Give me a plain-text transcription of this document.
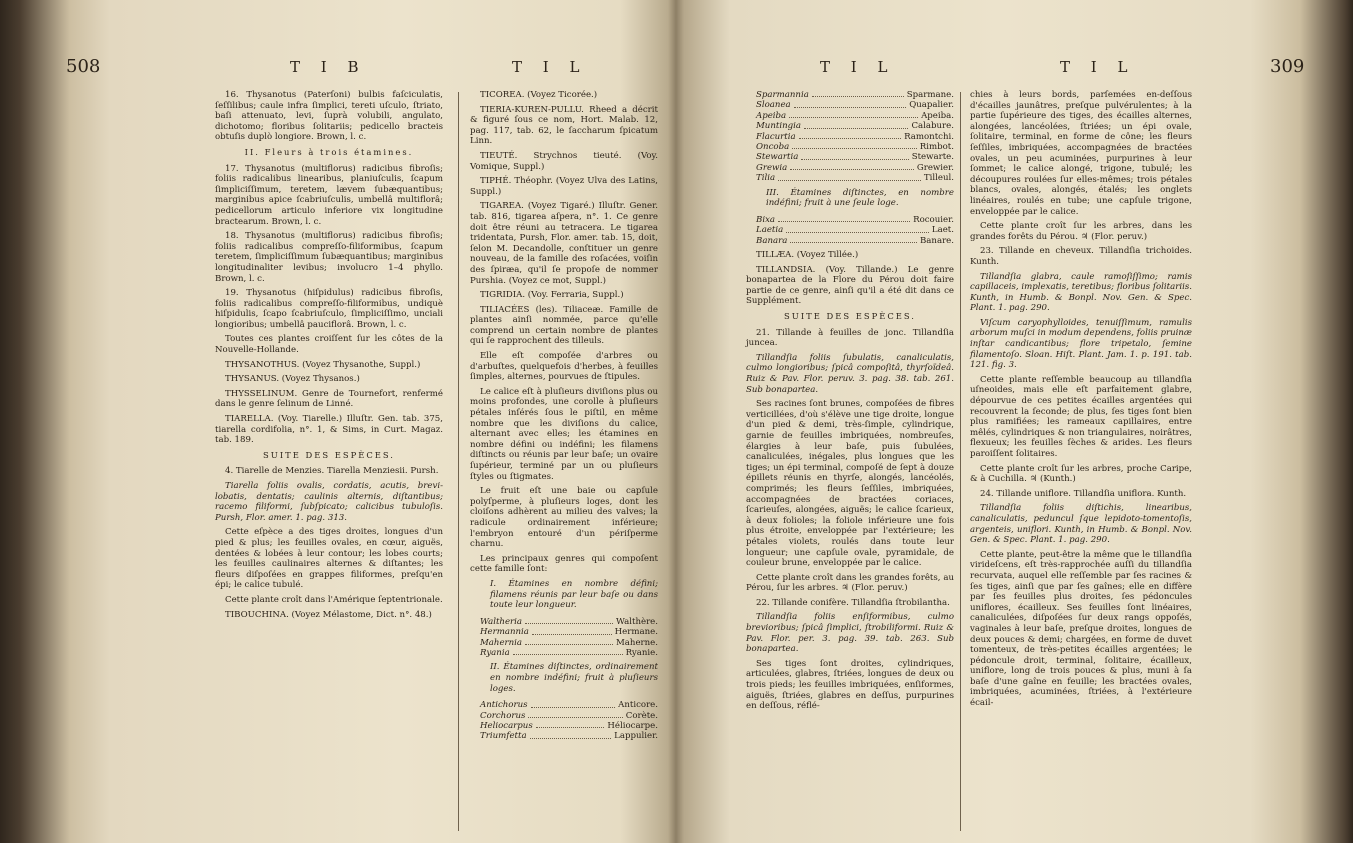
508	T I B	T I L	T I L	T I L	309

16. Thysanotus (Paterſoni) bulbis faſciculatis, ſeſſilibus; caule infra ſimplici, tereti uſculo, ſtriato, baſi attenuato, levi, ſuprà volubili, angulato, dichotomo; floribus ſolitariis; pedicello bracteis obtuſis duplò longiore. Brown, l. c.

II. Fleurs à trois étamines.

17. Thysanotus (multiflorus) radicibus fibroſis; foliis radicalibus linearibus, planiuſculis, ſcapum ſimpliciſſimum, teretem, lævem ſubæquantibus; marginibus apice ſcabriuſculis, umbellâ multiflorâ; pedicellorum articulo inferiore vix longitudine bractearum. Brown, l. c.

18. Thysanotus (multiflorus) radicibus fibroſis; foliis radicalibus compreſſo-filiformibus, ſcapum teretem, ſimpliciſſimum ſubæquantibus; marginibus longitudinaliter levibus; involucro 1–4 phyllo. Brown, l. c.

19. Thysanotus (hiſpidulus) radicibus fibroſis, foliis radicalibus compreſſo-filiformibus, undiquè hiſpidulis, ſcapo ſcabriuſculo, ſimpliciſſimo, unciali longioribus; umbellâ pauciflorâ. Brown, l. c.

Toutes ces plantes croiſſent ſur les côtes de la Nouvelle-Hollande.

THYSANOTHUS. (Voyez Thysanothe, Suppl.)

THYSANUS. (Voyez Thysanos.)

THYSSELINUM. Genre de Tournefort, renfermé dans le genre ſelinum de Linné.

TIARELLA. (Voy. Tiarelle.) Illuſtr. Gen. tab. 375, tiarella cordifolia, n°. 1, & Sims, in Curt. Magaz. tab. 189.

SUITE DES ESPÈCES.

4. Tiarelle de Menzies. Tiarella Menziesii. Pursh.

Tiarella foliis ovalis, cordatis, acutis, brevi-lobatis, dentatis; caulinis alternis, diſtantibus; racemo filiformi, ſubſpicato; calicibus tubuloſis. Pursh, Flor. amer. 1. pag. 313.

Cette eſpèce a des tiges droites, longues d'un pied & plus; les feuilles ovales, en cœur, aiguës, dentées & lobées à leur contour; les lobes courts; les feuilles caulinaires alternes & diſtantes; les fleurs diſpoſées en grappes filiformes, preſqu'en épi; le calice tubulé.

Cette plante croît dans l'Amérique ſeptentrionale.

TIBOUCHINA. (Voyez Mélastome, Dict. n°. 48.)

TICOREA. (Voyez Ticorée.)

TIERIA-KUREN-PULLU. Rheed a décrit & figuré ſous ce nom, Hort. Malab. 12, pag. 117, tab. 62, le ſaccharum ſpicatum Linn.

TIEUTÉ. Strychnos tieuté. (Voy. Vomique, Suppl.)

TIPHÉ. Théophr. (Voyez Ulva des Latins, Suppl.)

TIGAREA. (Voyez Tigaré.) Illuſtr. Gener. tab. 816, tigarea aſpera, n°. 1. Ce genre doit être réuni au tetracera. Le tigarea tridentata, Pursh, Flor. amer. tab. 15, doit, ſelon M. Decandolle, conſtituer un genre nouveau, de la famille des roſacées, voiſin des ſpiræa, qu'il ſe propoſe de nommer Purshia. (Voyez ce mot, Suppl.)

TIGRIDIA. (Voy. Ferraria, Suppl.)

TILIACÉES (les). Tiliaceæ. Famille de plantes ainſi nommée, parce qu'elle comprend un certain nombre de plantes qui ſe rapprochent des tilleuls.

Elle eſt compoſée d'arbres ou d'arbuſtes, quelquefois d'herbes, à feuilles ſimples, alternes, pourvues de ſtipules.

Le calice eſt à pluſieurs diviſions plus ou moins profondes, une corolle à pluſieurs pétales inſérés ſous le piſtil, en même nombre que les diviſions du calice, alternant avec elles; les étamines en nombre défini ou indéfini; les filamens diſtincts ou réunis par leur baſe; un ovaire ſupérieur, terminé par un ou pluſieurs ſtyles ou ſtigmates.

Le fruit eſt une baie ou capſule polyſperme, à pluſieurs loges, dont les cloiſons adhèrent au milieu des valves; la radicule ordinairement inférieure; l'embryon entouré d'un périſperme charnu.

Les principaux genres qui compoſent cette famille ſont:

I. Étamines en nombre défini; filamens réunis par leur baſe ou dans toute leur longueur.
Waltheria	Walthère.
Hermannia	Hermane.
Mahernia	Maherne.
Ryania	Ryanie.
II. Étamines diſtinctes, ordinairement en nombre indéfini; fruit à pluſieurs loges.
Antichorus	Anticore.
Corchorus	Corète.
Heliocarpus	Héliocarpe.
Triumfetta	Lappulier.
Sparmannia	Sparmane.
Sloanea	Quapalier.
Apeiba	Apeiba.
Muntingia	Calabure.
Flacurtia	Ramontchi.
Oncoba	Rimbot.
Stewartia	Stewarte.
Grewia	Grewier.
Tilia	Tilleul.
III. Étamines diſtinctes, en nombre indéfini; fruit à une ſeule loge.
Bixa	Rocouier.
Laetia	Laet.
Banara	Banare.

TILLÆA. (Voyez Tillée.)

TILLANDSIA. (Voy. Tillande.) Le genre bonapartea de la Flore du Pérou doit faire partie de ce genre, ainſi qu'il a été dit dans ce Supplément.

SUITE DES ESPÈCES.

21. Tillande à feuilles de jonc. Tillandſia juncea.

Tillandſia foliis ſubulatis, canaliculatis, culmo longioribus; ſpicâ compoſitâ, thyrſoïdeâ. Ruiz & Pav. Flor. peruv. 3. pag. 38. tab. 261. Sub bonapartea.

Ses racines ſont brunes, compoſées de fibres verticillées, d'où s'élève une tige droite, longue d'un pied & demi, très-ſimple, cylindrique, garnie de feuilles imbriquées, nombreuſes, élargies à leur baſe, puis ſubulées, canaliculées, inégales, plus longues que les tiges; un épi terminal, compoſé de ſept à douze épillets réunis en thyrſe, alongés, lancéolés, comprimés; les fleurs ſeſſiles, imbriquées, accompagnées de bractées coriaces, ſcarieuſes, alongées, aiguës; le calice ſcarieux, à deux folioles; la foliole inférieure une fois plus étroite, enveloppée par l'extérieure; les pétales violets, roulés dans toute leur longueur; une capſule ovale, pyramidale, de couleur brune, enveloppée par le calice.

Cette plante croît dans les grandes forêts, au Pérou, ſur les arbres. ♃ (Flor. peruv.)

22. Tillande conifère. Tillandſia ſtrobilantha.

Tillandſia foliis enſiformibus, culmo brevioribus; ſpicâ ſimplici, ſtrobiliformi. Ruiz & Pav. Flor. per. 3. pag. 39. tab. 263. Sub bonapartea.

Ses tiges ſont droites, cylindriques, articulées, glabres, ſtriées, longues de deux ou trois pieds; les feuilles imbriquées, enſiformes, aiguës, ſtriées, glabres en deſſus, purpurines en deſſous, réflé-

chies à leurs bords, parſemées en-deſſous d'écailles jaunâtres, preſque pulvérulentes; à la partie ſupérieure des tiges, des écailles alternes, alongées, lancéolées, ſtriées; un épi ovale, ſolitaire, terminal, en forme de cône; les fleurs ſeſſiles, imbriquées, accompagnées de bractées ovales, un peu acuminées, purpurines à leur ſommet; le calice alongé, trigone, tubulé; les découpures roulées ſur elles-mêmes; trois pétales blancs, ovales, alongés, étalés; les onglets linéaires, roulés en tube; une capſule trigone, enveloppée par le calice.

Cette plante croît ſur les arbres, dans les grandes forêts du Pérou. ♃ (Flor. peruv.)

23. Tillande en cheveux. Tillandſia trichoides. Kunth.

Tillandſia glabra, caule ramoſiſſimo; ramis capillaceis, implexatis, teretibus; floribus ſolitariis. Kunth, in Humb. & Bonpl. Nov. Gen. & Spec. Plant. 1. pag. 290.

Viſcum caryophylloides, tenuiſſimum, ramulis arborum muſci in modum dependens, foliis pruinæ inſtar candicantibus; flore tripetalo, ſemine filamentoſo. Sloan. Hiſt. Plant. Jam. 1. p. 191. tab. 121. fig. 3.

Cette plante reſſemble beaucoup au tillandſia uſneoides, mais elle eſt parfaitement glabre, dépourvue de ces petites écailles argentées qui recouvrent la ſeconde; de plus, ſes tiges ſont bien plus ramifiées; les rameaux capillaires, entre mêlés, cylindriques & non triangulaires, noirâtres, flexueux; les feuilles ſèches & arides. Les fleurs paroiſſent ſolitaires.

Cette plante croît ſur les arbres, proche Caripe, & à Cuchilla. ♃ (Kunth.)

24. Tillande uniflore. Tillandſia uniflora. Kunth.

Tillandſia foliis diſtichis, linearibus, canaliculatis, peduncul ſque lepidoto-tomentoſis, argenteis, uniflori. Kunth, in Humb. & Bonpl. Nov. Gen. & Spec. Plant. 1. pag. 290.

Cette plante, peut-être la même que le tillandſia virideſcens, eſt très-rapprochée auſſi du tillandſia recurvata, auquel elle reſſemble par ſes racines & ſes tiges, ainſi que par ſes gaînes; elle en diffère par ſes feuilles plus droites, ſes pédoncules uniflores, écailleux. Ses feuilles ſont linéaires, canaliculées, diſpoſées ſur deux rangs oppoſés, vaginales à leur baſe, preſque droites, longues de deux pouces & demi; chargées, en forme de duvet tomenteux, de très-petites écailles argentées; le pédoncule droit, terminal, ſolitaire, écailleux, uniflore, long de trois pouces & plus, muni à ſa baſe d'une gaîne en feuille; les bractées ovales, imbriquées, acuminées, ſtriées, à l'extérieure écail-
